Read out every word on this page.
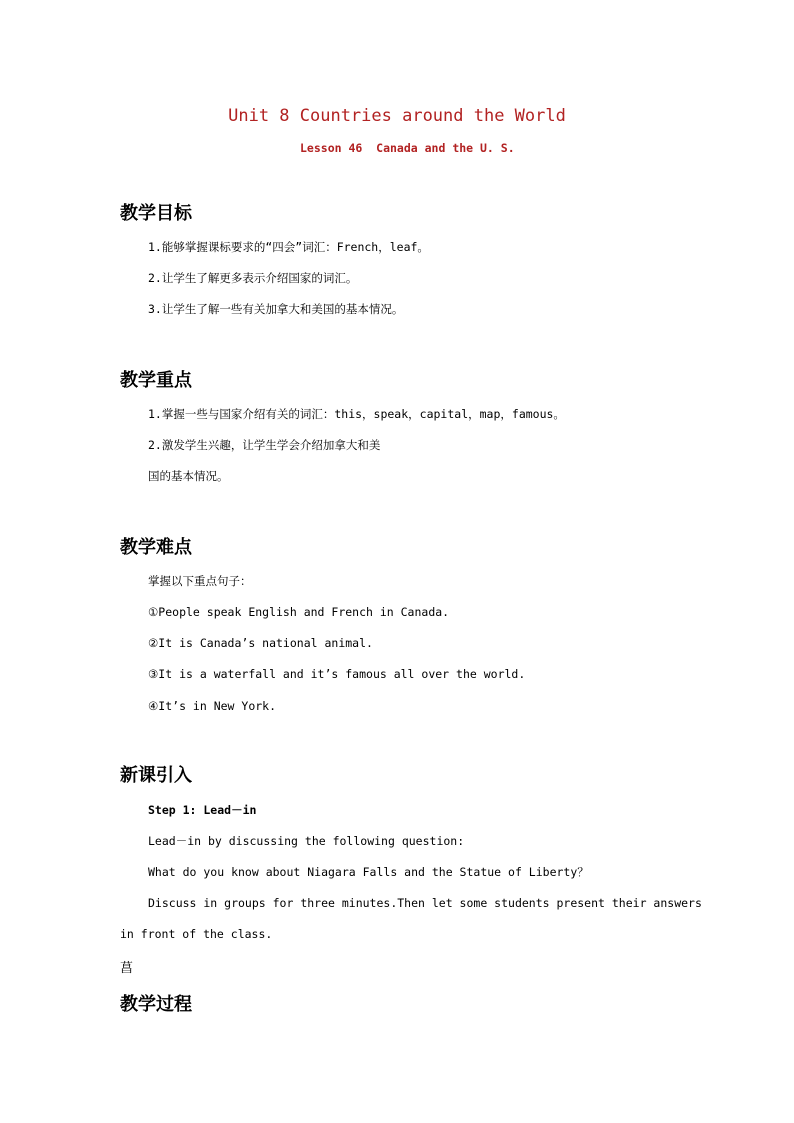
Unit 8 Countries around the World
Lesson 46  Canada and the U. S.
教学目标
1.能够掌握课标要求的“四会”词汇：French，leaf。
2.让学生了解更多表示介绍国家的词汇。
3.让学生了解一些有关加拿大和美国的基本情况。
教学重点
1.掌握一些与国家介绍有关的词汇：this，speak，capital，map，famous。
2.激发学生兴趣，让学生学会介绍加拿大和美
国的基本情况。
教学难点
掌握以下重点句子：
①People speak English and French in Canada.
②It is Canada’s national animal.
③It is a waterfall and it’s famous all over the world.
④It’s in New York.
新课引入
Step 1: Lead－in
Lead－in by discussing the following question:
What do you know about Niagara Falls and the Statue of Liberty？
Discuss in groups for three minutes.Then let some students present their answers
in front of the class.
菖
教学过程
